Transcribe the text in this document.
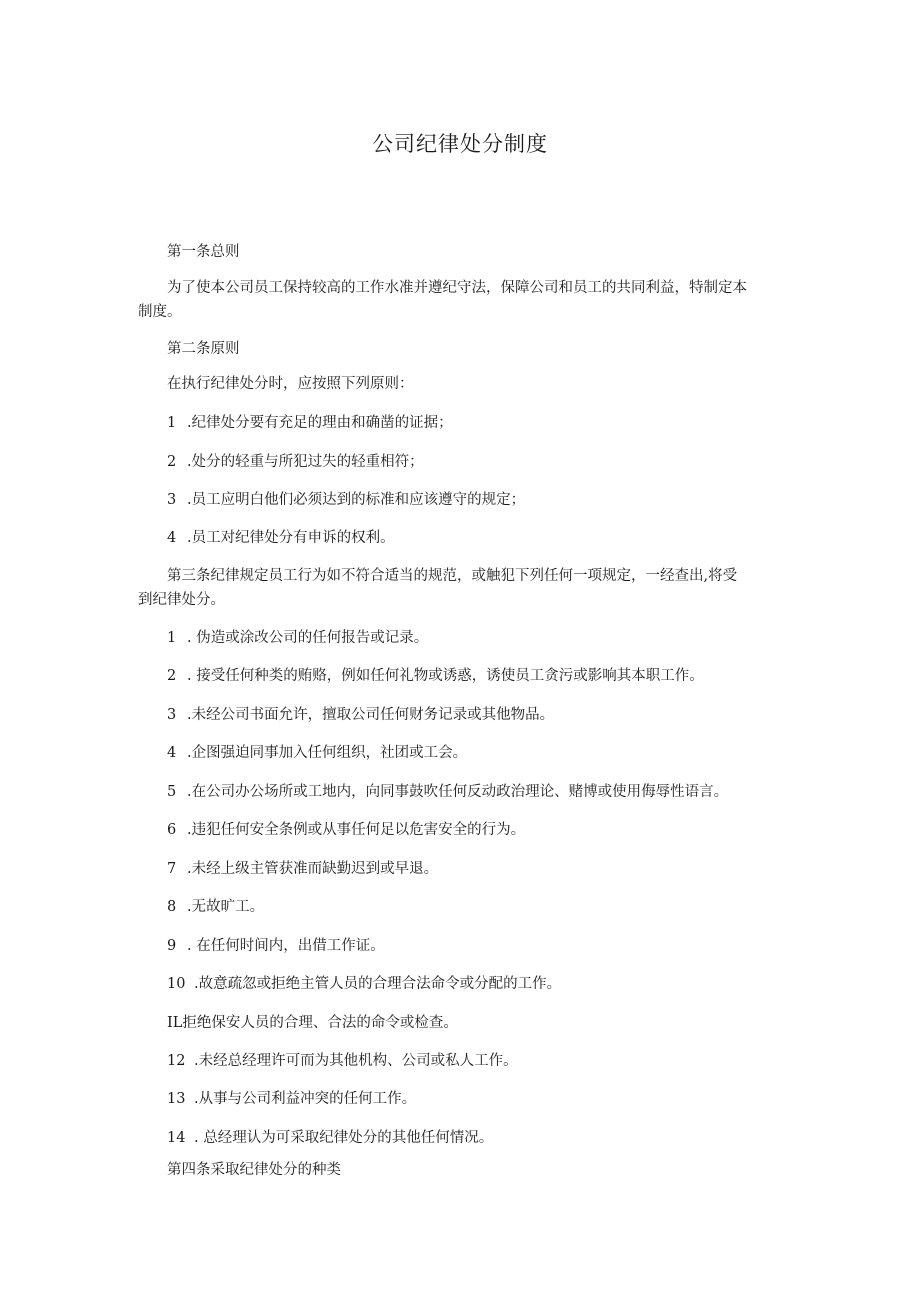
公司纪律处分制度
第一条总则
为了使本公司员工保持较高的工作水准并遵纪守法，保障公司和员工的共同利益，特制定本
制度。
第二条原则
在执行纪律处分时，应按照下列原则：
1 .纪律处分要有充足的理由和确凿的证据；
2 .处分的轻重与所犯过失的轻重相符；
3 .员工应明白他们必须达到的标准和应该遵守的规定；
4 .员工对纪律处分有申诉的权利。
第三条纪律规定员工行为如不符合适当的规范，或触犯下列任何一项规定，一经查出,将受
到纪律处分。
1 . 伪造或涂改公司的任何报告或记录。
2 . 接受任何种类的贿赂，例如任何礼物或诱惑，诱使员工贪污或影响其本职工作。
3 .未经公司书面允许，擅取公司任何财务记录或其他物品。
4 .企图强迫同事加入任何组织，社团或工会。
5 .在公司办公场所或工地内，向同事鼓吹任何反动政治理论、赌博或使用侮辱性语言。
6 .违犯任何安全条例或从事任何足以危害安全的行为。
7 .未经上级主管获准而缺勤迟到或早退。
8 .无故旷工。
9 . 在任何时间内，出借工作证。
10 .故意疏忽或拒绝主管人员的合理合法命令或分配的工作。
IL拒绝保安人员的合理、合法的命令或检查。
12 .未经总经理许可而为其他机构、公司或私人工作。
13 .从事与公司利益冲突的任何工作。
14 . 总经理认为可采取纪律处分的其他任何情况。
第四条采取纪律处分的种类
